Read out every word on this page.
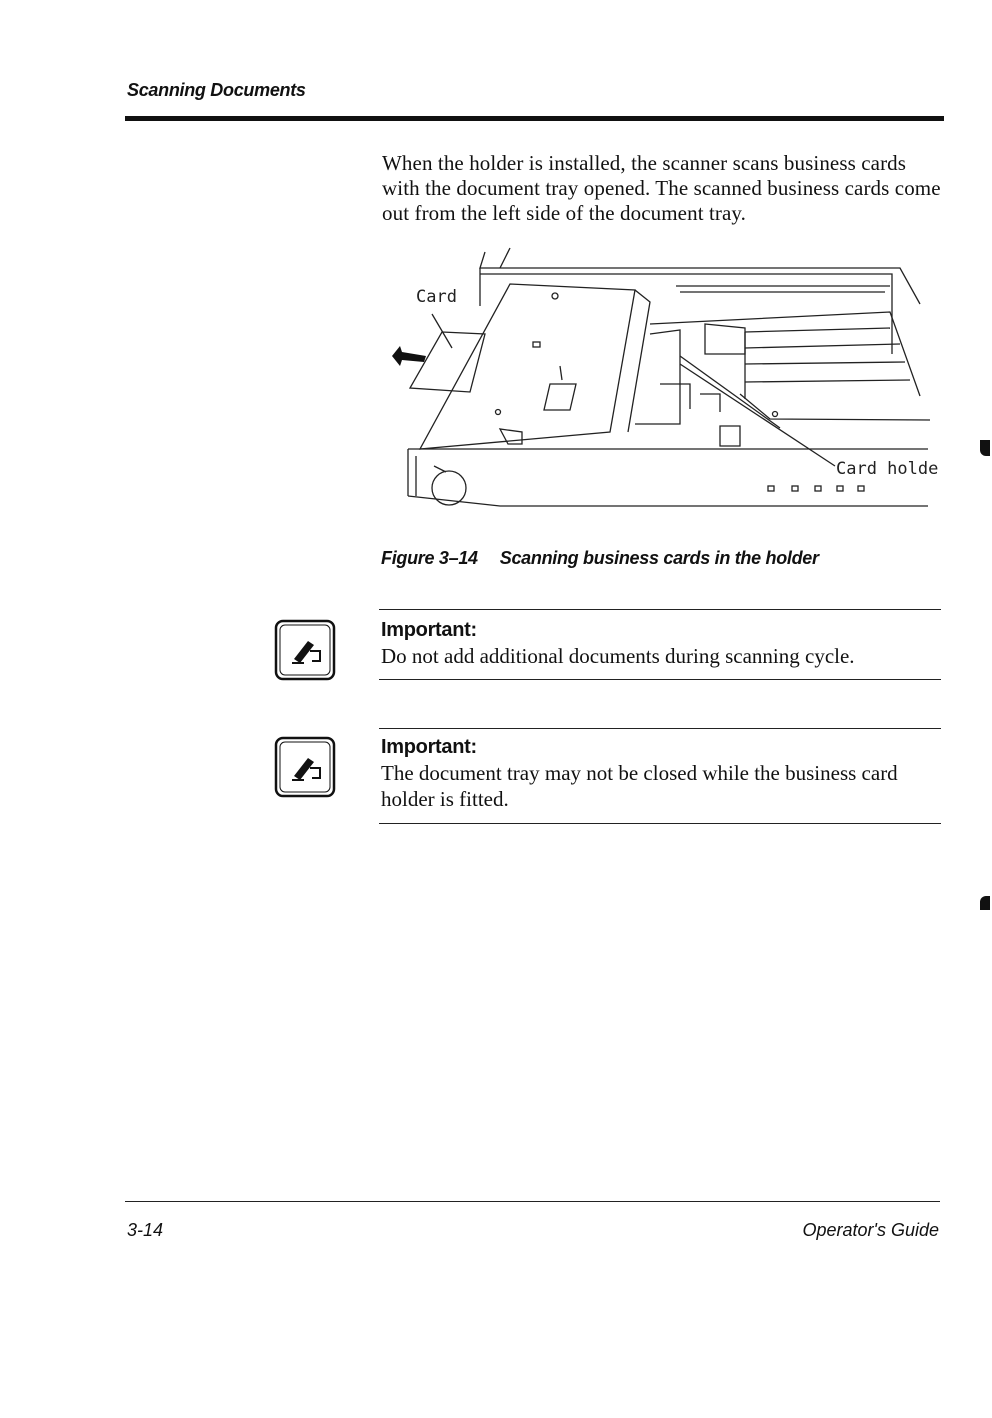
Scanning Documents
When the holder is installed, the scanner scans business cards with the document tray opened. The scanned business cards come out from the left side of the document tray.
Card
Card holder
Figure 3–14 Scanning business cards in the holder
Important:
Do not add additional documents during scanning cycle.
Important:
The document tray may not be closed while the business card holder is fitted.
3-14	Operator's Guide
